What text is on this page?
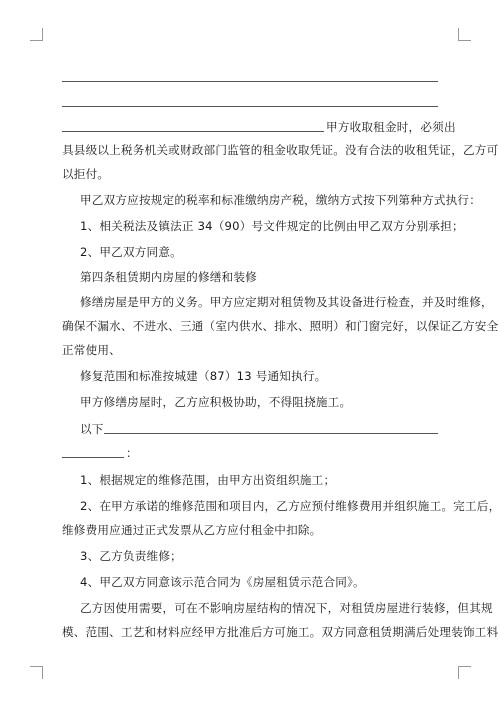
甲方收取租金时，必须出
具县级以上税务机关或财政部门监管的租金收取凭证。没有合法的收租凭证，乙方可
以拒付。
甲乙双方应按规定的税率和标准缴纳房产税，缴纳方式按下列第种方式执行：
1、相关税法及镇法正 34（90）号文件规定的比例由甲乙双方分别承担；
2、甲乙双方同意。
第四条租赁期内房屋的修缮和装修
修缮房屋是甲方的义务。甲方应定期对租赁物及其设备进行检查，并及时维修，
确保不漏水、不进水、三通（室内供水、排水、照明）和门窗完好，以保证乙方安全
正常使用、
修复范围和标准按城建（87）13 号通知执行。
甲方修缮房屋时，乙方应积极协助，不得阻挠施工。
以下
：
1、根据规定的维修范围，由甲方出资组织施工；
2、在甲方承诺的维修范围和项目内，乙方应预付维修费用并组织施工。完工后，
维修费用应通过正式发票从乙方应付租金中扣除。
3、乙方负责维修；
4、甲乙双方同意该示范合同为《房屋租赁示范合同》。
乙方因使用需要，可在不影响房屋结构的情况下，对租赁房屋进行装修，但其规
模、范围、工艺和材料应经甲方批准后方可施工。双方同意租赁期满后处理装饰工料
